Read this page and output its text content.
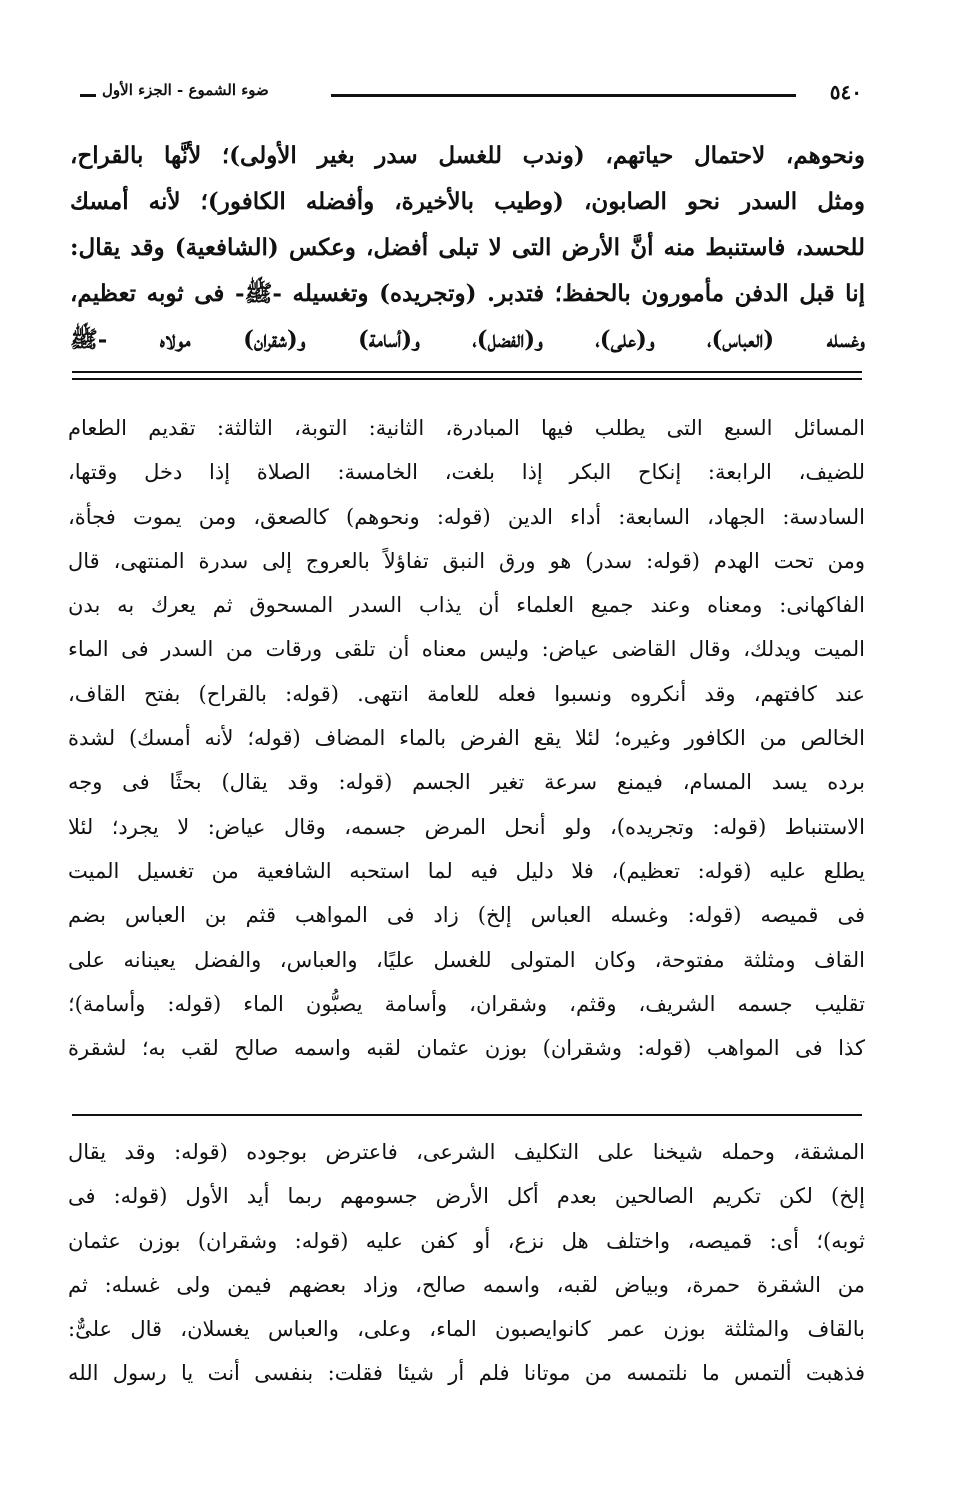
٥٤٠
ضوء الشموع - الجزء الأول
ونحوهم، لاحتمال حياتهم، (وندب للغسل سدر بغير الأولى)؛ لأنَّها بالقراح،
ومثل السدر نحو الصابون، (وطيب بالأخيرة، وأفضله الكافور)؛ لأنه أمسك
للحسد، فاستنبط منه أنَّ الأرض التى لا تبلى أفضل، وعكس (الشافعية) وقد يقال:
إنا قبل الدفن مأمورون بالحفظ؛ فتدبر. (وتجريده) وتغسيله -ﷺ- فى ثوبه تعظيم،
وغسله (العباس)، و(على)، و(الفضل)، و(أسامة) و(شقران) مولاه -ﷺ
المسائل السبع التى يطلب فيها المبادرة، الثانية: التوبة، الثالثة: تقديم الطعام
للضيف، الرابعة: إنكاح البكر إذا بلغت، الخامسة: الصلاة إذا دخل وقتها،
السادسة: الجهاد، السابعة: أداء الدين (قوله: ونحوهم) كالصعق، ومن يموت فجأة،
ومن تحت الهدم (قوله: سدر) هو ورق النبق تفاؤلاً بالعروج إلى سدرة المنتهى، قال
الفاكهانى: ومعناه وعند جميع العلماء أن يذاب السدر المسحوق ثم يعرك به بدن
الميت ويدلك، وقال القاضى عياض: وليس معناه أن تلقى ورقات من السدر فى الماء
عند كافتهم، وقد أنكروه ونسبوا فعله للعامة انتهى. (قوله: بالقراح) بفتح القاف،
الخالص من الكافور وغيره؛ لئلا يقع الفرض بالماء المضاف (قوله؛ لأنه أمسك) لشدة
برده يسد المسام، فيمنع سرعة تغير الجسم (قوله: وقد يقال) بحثًا فى وجه
الاستنباط (قوله: وتجريده)، ولو أنحل المرض جسمه، وقال عياض: لا يجرد؛ لئلا
يطلع عليه (قوله: تعظيم)، فلا دليل فيه لما استحبه الشافعية من تغسيل الميت
فى قميصه (قوله: وغسله العباس إلخ) زاد فى المواهب قثم بن العباس بضم
القاف ومثلثة مفتوحة، وكان المتولى للغسل عليًا، والعباس، والفضل يعينانه على
تقليب جسمه الشريف، وقثم، وشقران، وأسامة يصبُّون الماء (قوله: وأسامة)؛
كذا فى المواهب (قوله: وشقران) بوزن عثمان لقبه واسمه صالح لقب به؛ لشقرة
المشقة، وحمله شيخنا على التكليف الشرعى، فاعترض بوجوده (قوله: وقد يقال
إلخ) لكن تكريم الصالحين بعدم أكل الأرض جسومهم ربما أيد الأول (قوله: فى
ثوبه)؛ أى: قميصه، واختلف هل نزع، أو كفن عليه (قوله: وشقران) بوزن عثمان
من الشقرة حمرة، وبياض لقبه، واسمه صالح، وزاد بعضهم فيمن ولى غسله: ثم
بالقاف والمثلثة بوزن عمر كانوايصبون الماء، وعلى، والعباس يغسلان، قال علىٌّ:
فذهبت ألتمس ما نلتمسه من موتانا فلم أر شيئا فقلت: بنفسى أنت يا رسول الله
